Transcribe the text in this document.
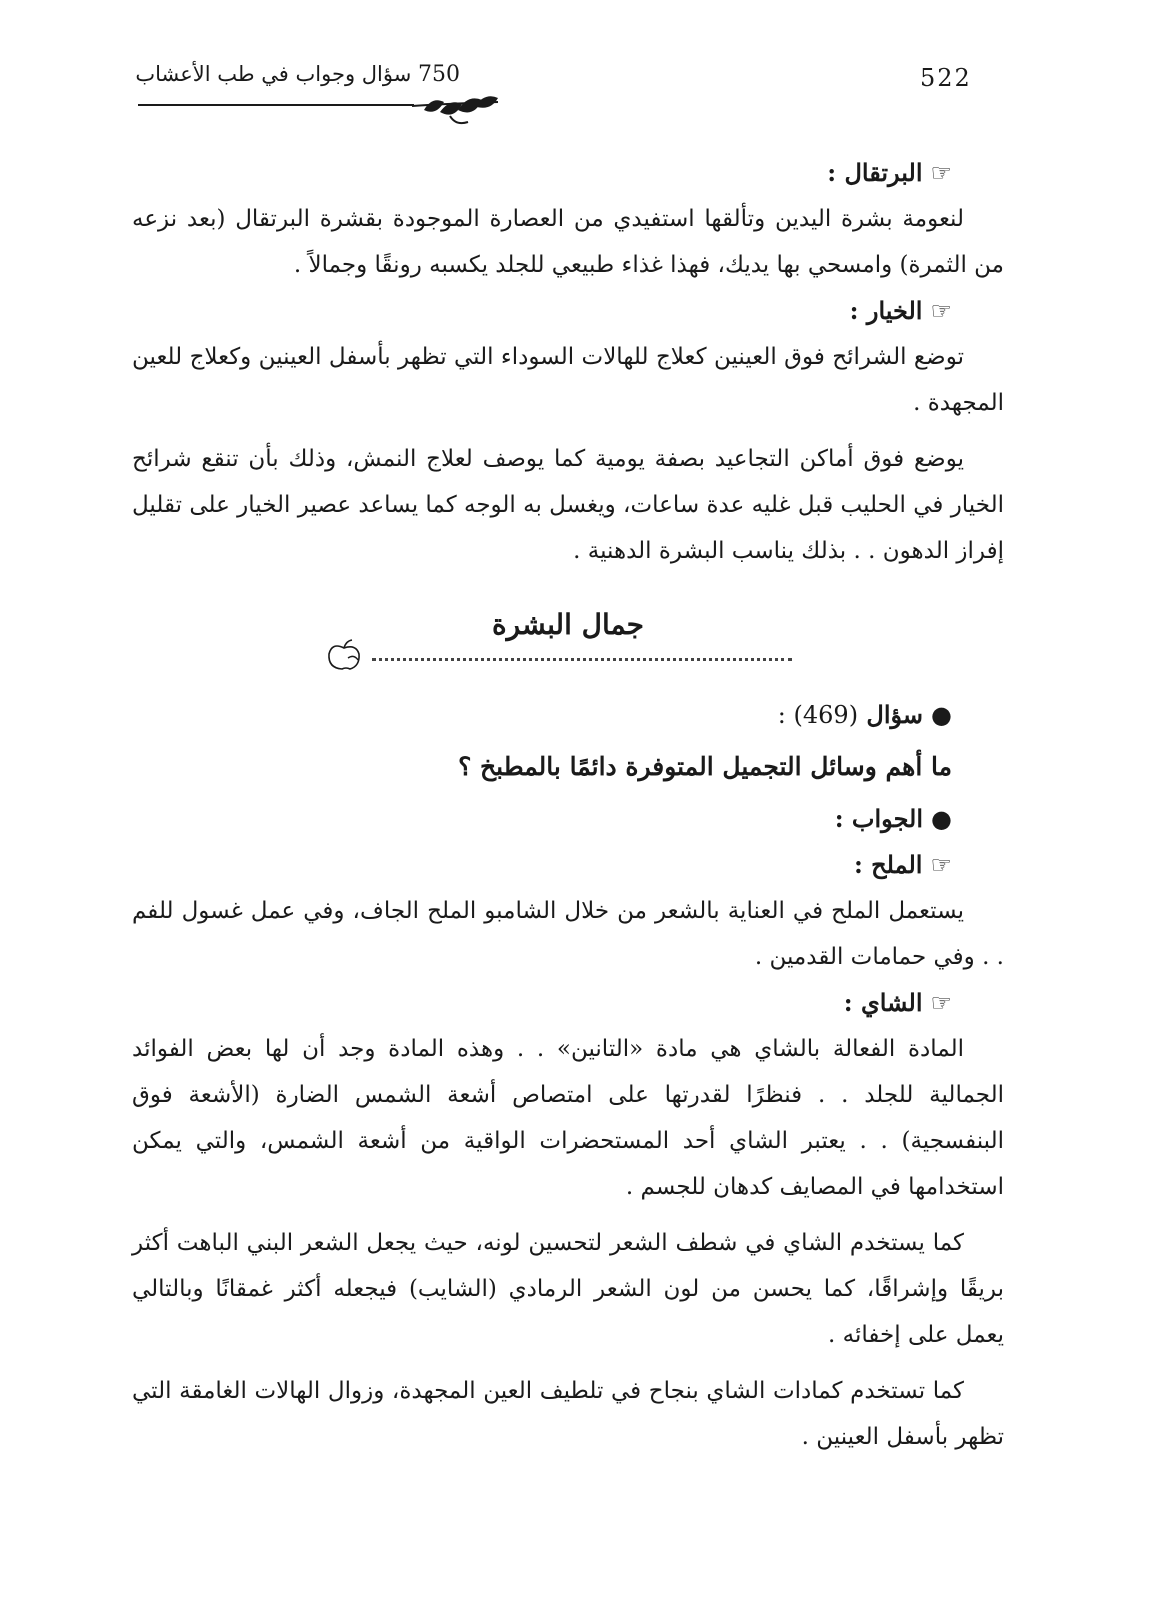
522
750 سؤال وجواب في طب الأعشاب

☞البرتقال :

لنعومة بشرة اليدين وتألقها استفيدي من العصارة الموجودة بقشرة البرتقال (بعد نزعه من الثمرة) وامسحي بها يديك، فهذا غذاء طبيعي للجلد يكسبه رونقًا وجمالاً .

☞الخيار :

توضع الشرائح فوق العينين كعلاج للهالات السوداء التي تظهر بأسفل العينين وكعلاج للعين المجهدة .

يوضع فوق أماكن التجاعيد بصفة يومية كما يوصف لعلاج النمش، وذلك بأن تنقع شرائح الخيار في الحليب قبل غليه عدة ساعات، ويغسل به الوجه كما يساعد عصير الخيار على تقليل إفراز الدهون . . بذلك يناسب البشرة الدهنية .

جمال البشرة

●سؤال (469) :

ما أهم وسائل التجميل المتوفرة دائمًا بالمطبخ ؟

●الجواب :

☞الملح :

يستعمل الملح في العناية بالشعر من خلال الشامبو الملح الجاف، وفي عمل غسول للفم . . وفي حمامات القدمين .

☞الشاي :

المادة الفعالة بالشاي هي مادة «التانين» . . وهذه المادة وجد أن لها بعض الفوائد الجمالية للجلد . . فنظرًا لقدرتها على امتصاص أشعة الشمس الضارة (الأشعة فوق البنفسجية) . . يعتبر الشاي أحد المستحضرات الواقية من أشعة الشمس، والتي يمكن استخدامها في المصايف كدهان للجسم .

كما يستخدم الشاي في شطف الشعر لتحسين لونه، حيث يجعل الشعر البني الباهت أكثر بريقًا وإشراقًا، كما يحسن من لون الشعر الرمادي (الشايب) فيجعله أكثر غمقانًا وبالتالي يعمل على إخفائه .

كما تستخدم كمادات الشاي بنجاح في تلطيف العين المجهدة، وزوال الهالات الغامقة التي تظهر بأسفل العينين .
